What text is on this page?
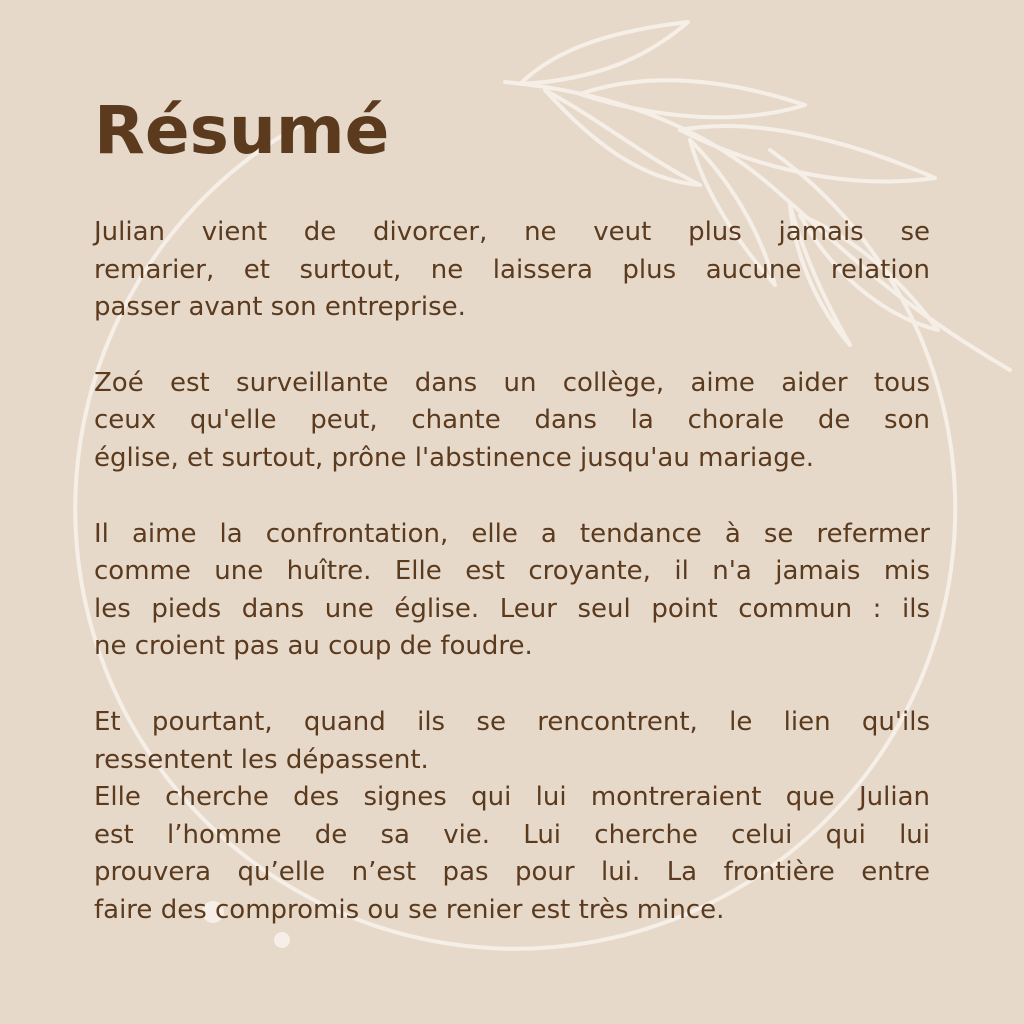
Résumé

Julian vient de divorcer, ne veut plus jamais se
remarier, et surtout, ne laissera plus aucune relation
passer avant son entreprise.

Zoé est surveillante dans un collège, aime aider tous
ceux qu'elle peut, chante dans la chorale de son
église, et surtout, prône l'abstinence jusqu'au mariage.

Il aime la confrontation, elle a tendance à se refermer
comme une huître. Elle est croyante, il n'a jamais mis
les pieds dans une église. Leur seul point commun : ils
ne croient pas au coup de foudre.

Et pourtant, quand ils se rencontrent, le lien qu'ils
ressentent les dépassent.

Elle cherche des signes qui lui montreraient que Julian
est l’homme de sa vie. Lui cherche celui qui lui
prouvera qu’elle n’est pas pour lui. La frontière entre
faire des compromis ou se renier est très mince.
